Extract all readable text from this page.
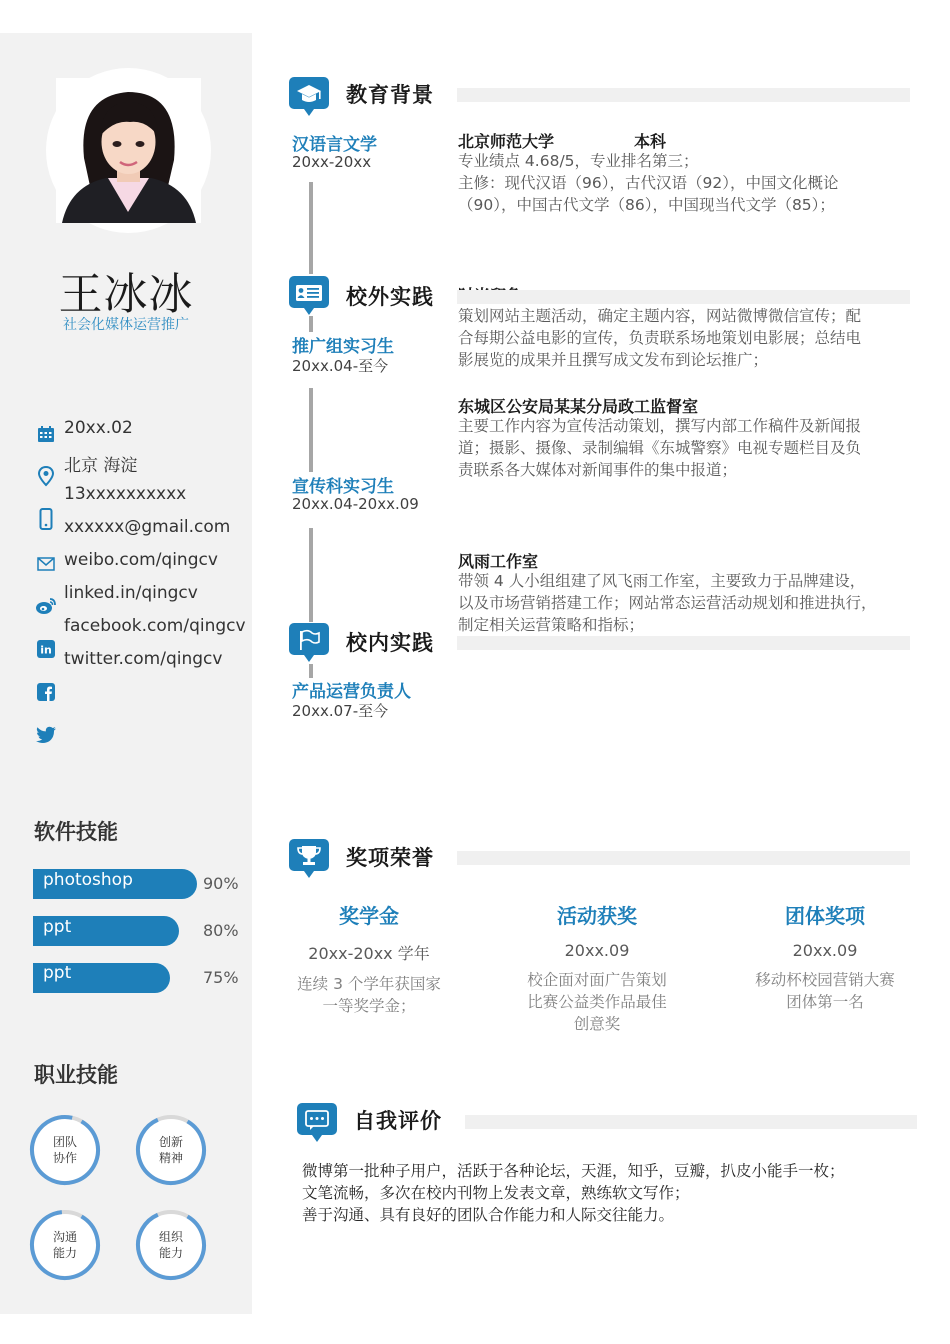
王冰冰
社会化媒体运营推广
in
20xx.02
北京 海淀
13xxxxxxxxxx
xxxxxx@gmail.com
weibo.com/qingcv
linked.in/qingcv
facebook.com/qingcv
twitter.com/qingcv
软件技能
photoshop	90%
ppt	80%
ppt	75%
职业技能
团队
协作
创新
精神
沟通
能力
组织
能力
教育背景
汉语言文学
20xx-20xx
北京师范大学	本科
专业绩点 4.68/5，专业排名第三；
主修：现代汉语（96），古代汉语（92），中国文化概论
（90），中国古代文学（86），中国现当代文学（85）；
校外实践
策划网站主题活动，确定主题内容，网站微博微信宣传；配
合每期公益电影的宣传，负责联系场地策划电影展；总结电
影展览的成果并且撰写成文发布到论坛推广；
推广组实习生
20xx.04-至今
东城区公安局某某分局政工监督室
主要工作内容为宣传活动策划，撰写内部工作稿件及新闻报
道；摄影、摄像、录制编辑《东城警察》电视专题栏目及负
责联系各大媒体对新闻事件的集中报道；
宣传科实习生
20xx.04-20xx.09
风雨工作室
带领 4 人小组组建了风飞雨工作室，主要致力于品牌建设，
以及市场营销搭建工作；网站常态运营活动规划和推进执行，
制定相关运营策略和指标；
校内实践
产品运营负责人
20xx.07-至今
奖项荣誉
奖学金
20xx-20xx 学年
连续 3 个学年获国家
一等奖学金；
活动获奖
20xx.09
校企面对面广告策划
比赛公益类作品最佳
创意奖
团体奖项
20xx.09
移动杯校园营销大赛
团体第一名
自我评价
微博第一批种子用户，活跃于各种论坛，天涯，知乎，豆瓣，扒皮小能手一枚；
文笔流畅，多次在校内刊物上发表文章，熟练软文写作；
善于沟通、具有良好的团队合作能力和人际交往能力。
